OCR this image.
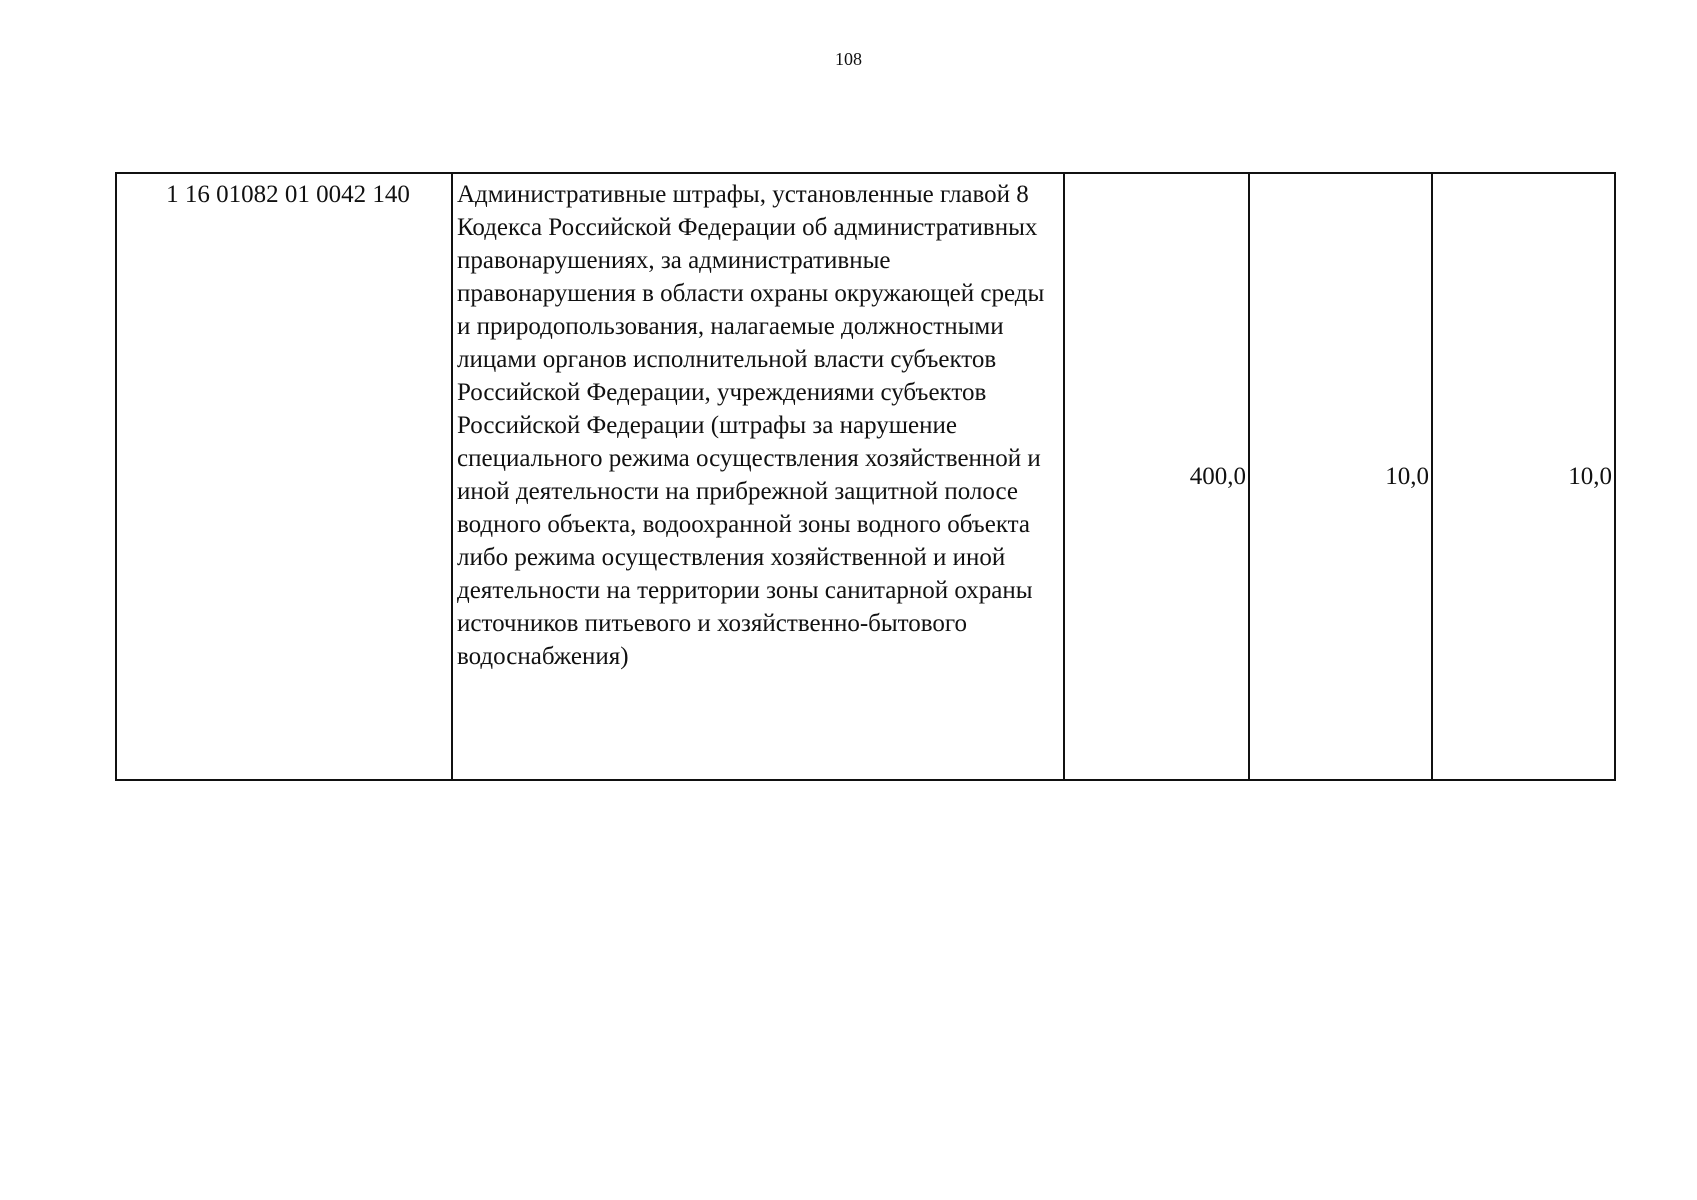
108
1 16 01082 01 0042 140	Административные штрафы, установленные главой 8 Кодекса Российской Федерации об административных правонарушениях, за административные правонарушения в области охраны окружающей среды и природопользования, налагаемые должностными лицами органов исполнительной власти субъектов Российской Федерации, учреждениями субъектов Российской Федерации (штрафы за нарушение специального режима осуществления хозяйственной и иной деятельности на прибрежной защитной полосе водного объекта, водоохранной зоны водного объекта либо режима осуществления хозяйственной и иной деятельности на территории зоны санитарной охраны источников питьевого и хозяйственно-бытового водоснабжения)	400,0	10,0	10,0
